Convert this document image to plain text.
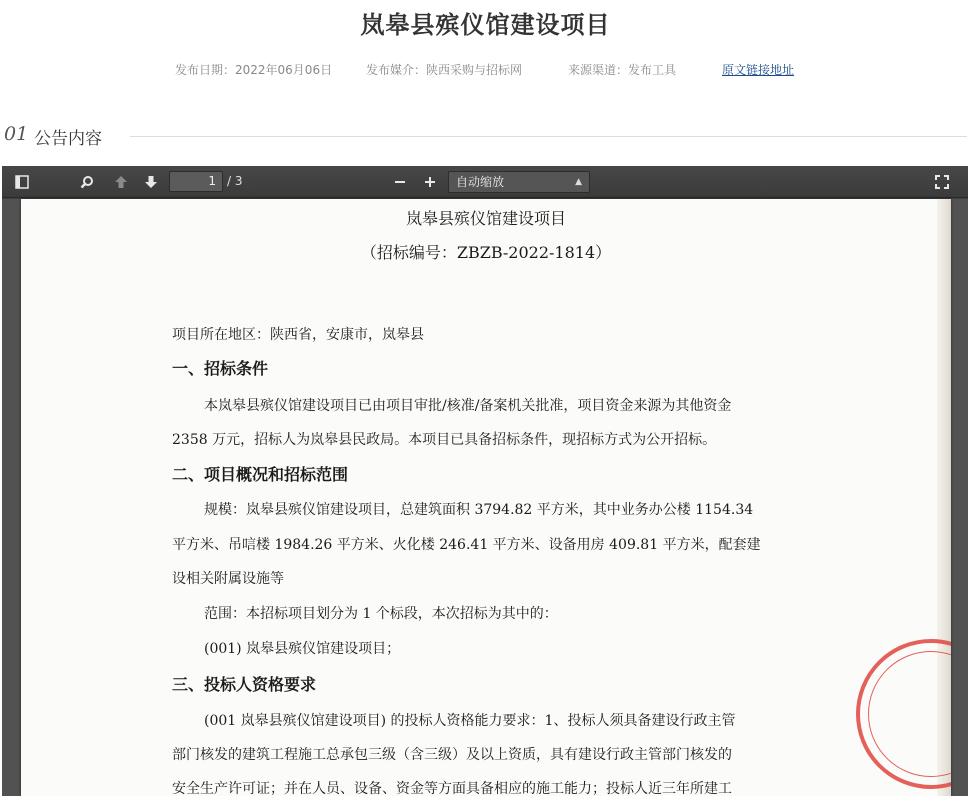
岚皋县殡仪馆建设项目
发布日期：2022年06月06日	发布媒介：陕西采购与招标网	来源渠道：发布工具	原文链接地址
01 公告内容
1 / 3	自动缩放	▲

岚皋县殡仪馆建设项目
（招标编号：ZBZB-2022-1814）
项目所在地区：陕西省，安康市，岚皋县
一、招标条件
本岚皋县殡仪馆建设项目已由项目审批/核准/备案机关批准，项目资金来源为其他资金
2358 万元，招标人为岚皋县民政局。本项目已具备招标条件，现招标方式为公开招标。
二、项目概况和招标范围
规模：岚皋县殡仪馆建设项目，总建筑面积 3794.82 平方米，其中业务办公楼 1154.34
平方米、吊唁楼 1984.26 平方米、火化楼 246.41 平方米、设备用房 409.81 平方米，配套建
设相关附属设施等
范围：本招标项目划分为 1 个标段，本次招标为其中的：
(001) 岚皋县殡仪馆建设项目；
三、投标人资格要求
(001 岚皋县殡仪馆建设项目) 的投标人资格能力要求：1、投标人须具备建设行政主管
部门核发的建筑工程施工总承包三级（含三级）及以上资质，具有建设行政主管部门核发的
安全生产许可证；并在人员、设备、资金等方面具备相应的施工能力；投标人近三年所建工
